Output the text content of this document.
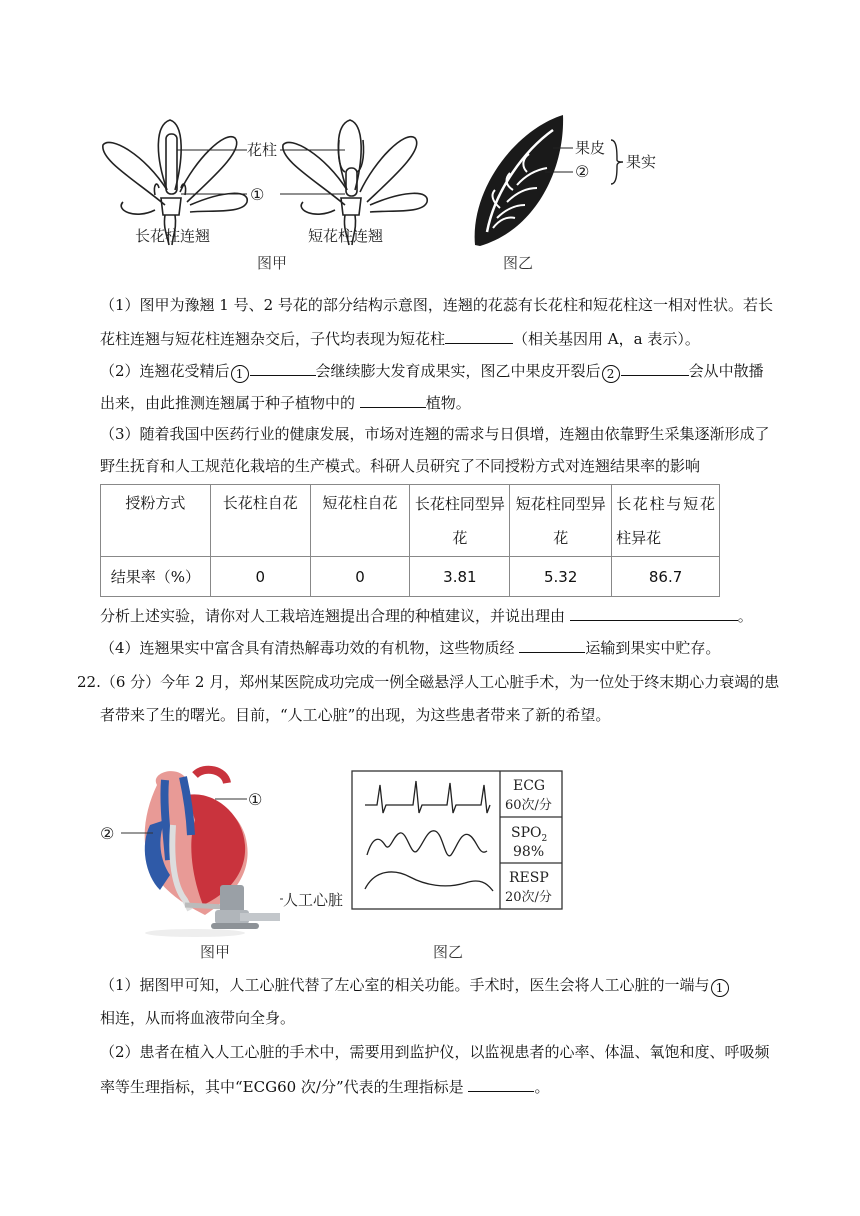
花柱
①
长花柱连翘	短花柱连翘
图甲
果皮
② 果实
图乙
（1）图甲为豫翘 1 号、2 号花的部分结构示意图，连翘的花蕊有长花柱和短花柱这一相对性状。若长
花柱连翘与短花柱连翘杂交后，子代均表现为短花柱	（相关基因用 A，a 表示）。
（2）连翘花受精后 1	会继续膨大发育成果实，图乙中果皮开裂后 2	会从中散播
出来，由此推测连翘属于种子植物中的	植物。
（3）随着我国中医药行业的健康发展，市场对连翘的需求与日俱增，连翘由依靠野生采集逐渐形成了
野生抚育和人工规范化栽培的生产模式。科研人员研究了不同授粉方式对连翘结果率的影响
授粉方式	长花柱自花	短花柱自花	长花柱同型异花	短花柱同型异花	长花柱与短花柱异花
结果率（%）	0	0	3.81	5.32	86.7
分析上述实验，请你对人工栽培连翘提出合理的种植建议，并说出理由	。
（4）连翘果实中富含具有清热解毒功效的有机物，这些物质经	运输到果实中贮存。
22.（6 分）今年 2 月，郑州某医院成功完成一例全磁悬浮人工心脏手术，为一位处于终末期心力衰竭的患
者带来了生的曙光。目前，“人工心脏”的出现，为这些患者带来了新的希望。
①
②
人工心脏
图甲
ECG
60次/分
$SPO_2$
98%
RESP
20次/分
图乙
（1）据图甲可知，人工心脏代替了左心室的相关功能。手术时，医生会将人工心脏的一端与 1
相连，从而将血液带向全身。
（2）患者在植入人工心脏的手术中，需要用到监护仪，以监视患者的心率、体温、氧饱和度、呼吸频
率等生理指标，其中“ECG60 次/分”代表的生理指标是	。
